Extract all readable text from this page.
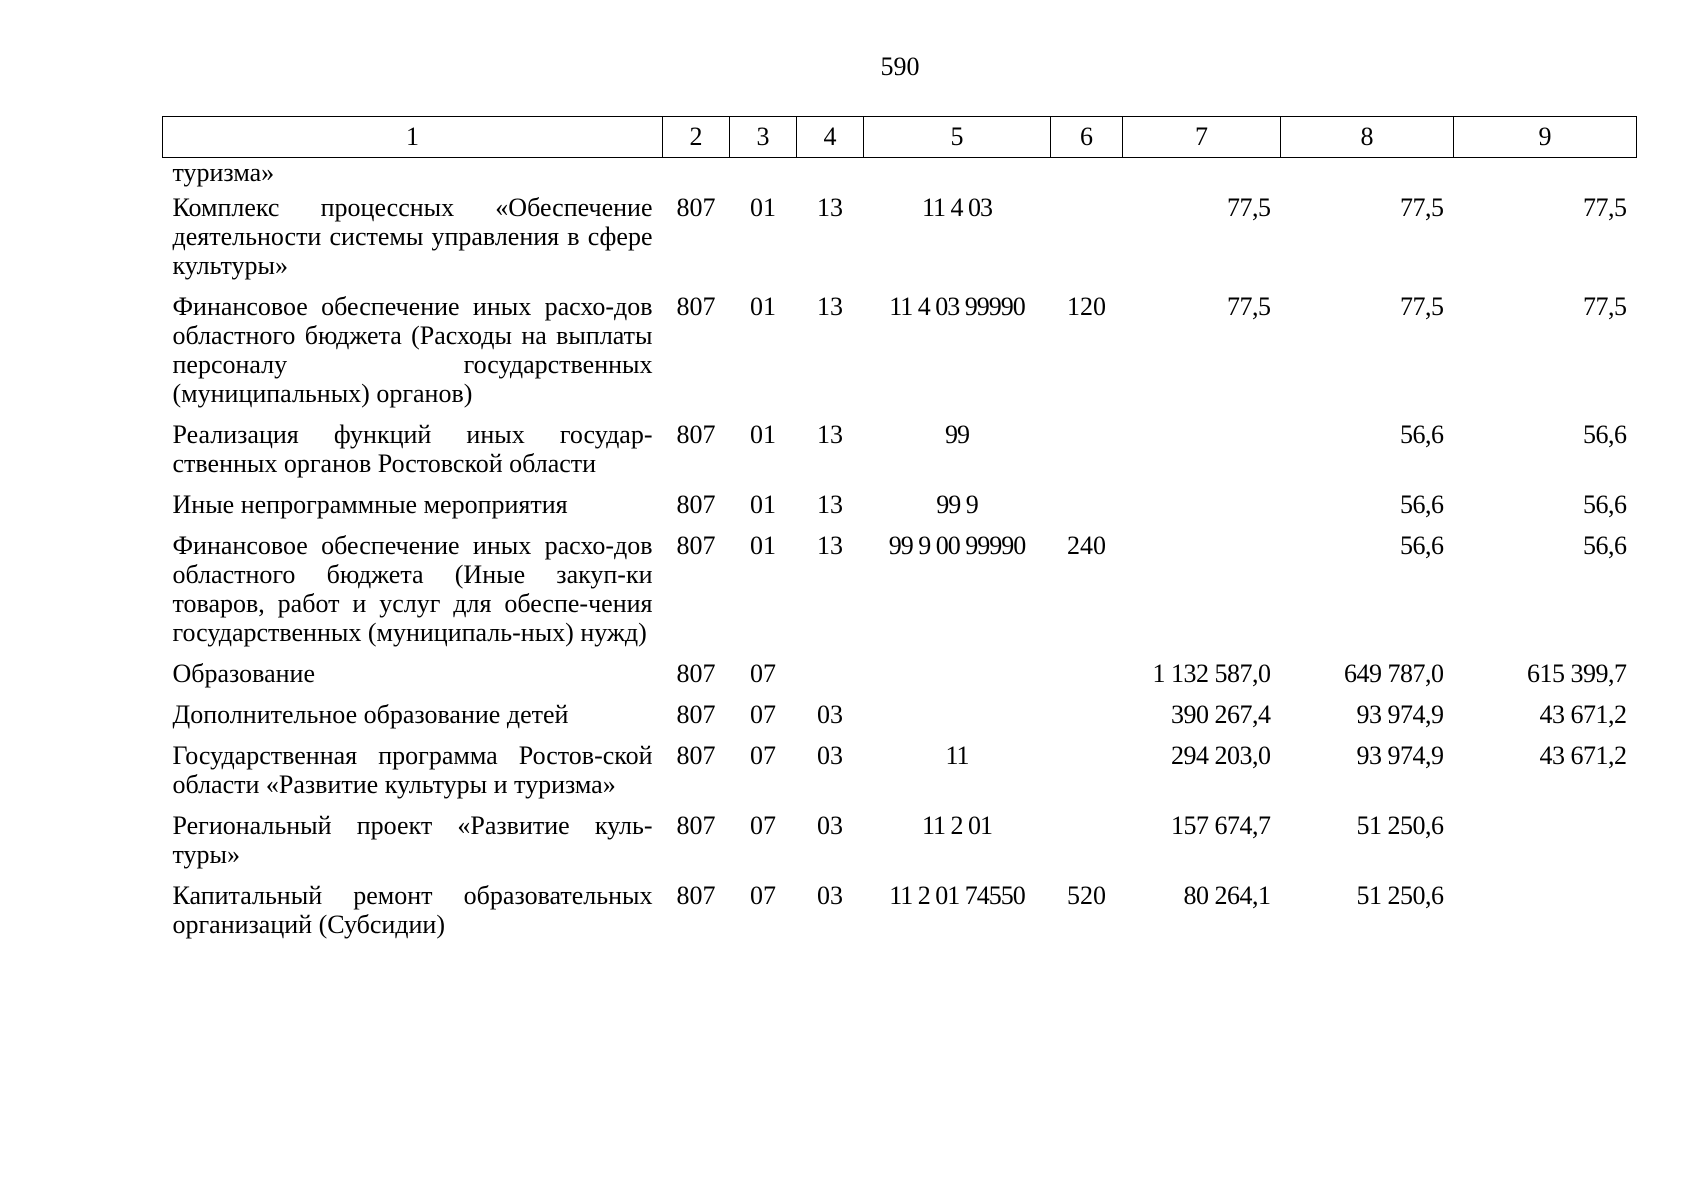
590
1	2	3	4	5	6	7	8	9
туризма»								
Комплекс процессных «Обеспечение деятельности системы управления в сфере культуры»	807	01	13	11 4 03		77,5	77,5	77,5
Финансовое обеспечение иных расхо-дов областного бюджета (Расходы на выплаты персоналу государственных (муниципальных) органов)	807	01	13	11 4 03 99990	120	77,5	77,5	77,5
Реализация функций иных государ-ственных органов Ростовской области	807	01	13	99			56,6	56,6
Иные непрограммные мероприятия	807	01	13	99 9			56,6	56,6
Финансовое обеспечение иных расхо-дов областного бюджета (Иные закуп-ки товаров, работ и услуг для обеспе-чения государственных (муниципаль-ных) нужд)	807	01	13	99 9 00 99990	240		56,6	56,6
Образование	807	07				1 132 587,0	649 787,0	615 399,7
Дополнительное образование детей	807	07	03			390 267,4	93 974,9	43 671,2
Государственная программа Ростов-ской области «Развитие культуры и туризма»	807	07	03	11		294 203,0	93 974,9	43 671,2
Региональный проект «Развитие куль-туры»	807	07	03	11 2 01		157 674,7	51 250,6	
Капитальный ремонт образовательных организаций (Субсидии)	807	07	03	11 2 01 74550	520	80 264,1	51 250,6	
